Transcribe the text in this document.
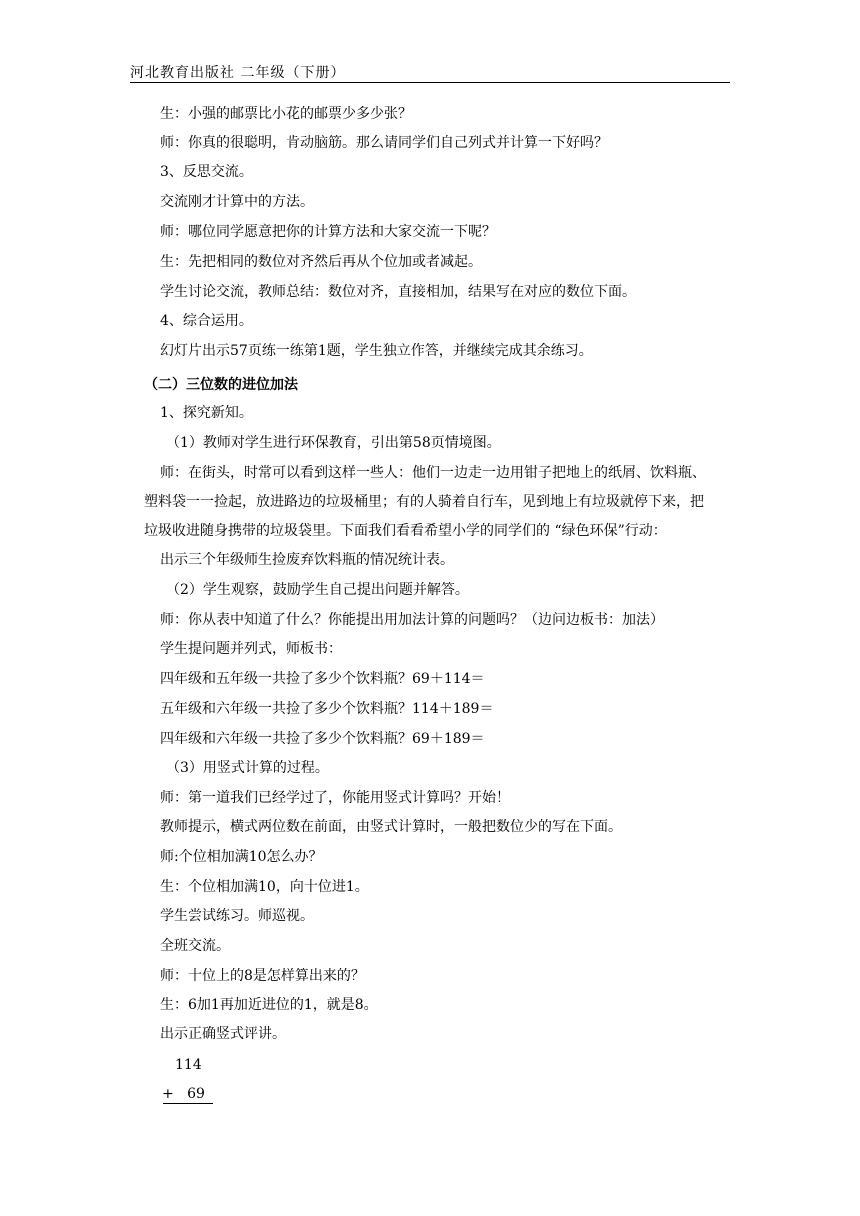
河北教育出版社 二年级（下册）
生：小强的邮票比小花的邮票少多少张？
师：你真的很聪明，肯动脑筋。那么请同学们自己列式并计算一下好吗？
3、反思交流。
交流刚才计算中的方法。
师：哪位同学愿意把你的计算方法和大家交流一下呢？
生：先把相同的数位对齐然后再从个位加或者减起。
学生讨论交流，教师总结：数位对齐，直接相加，结果写在对应的数位下面。
4、综合运用。
幻灯片出示57页练一练第1题，学生独立作答，并继续完成其余练习。
（二）三位数的进位加法
1、探究新知。
（1）教师对学生进行环保教育，引出第58页情境图。
师：在街头，时常可以看到这样一些人：他们一边走一边用钳子把地上的纸屑、饮料瓶、
塑料袋一一捡起，放进路边的垃圾桶里；有的人骑着自行车，见到地上有垃圾就停下来，把
垃圾收进随身携带的垃圾袋里。下面我们看看希望小学的同学们的 “绿色环保”行动：
出示三个年级师生捡废弃饮料瓶的情况统计表。
（2）学生观察，鼓励学生自己提出问题并解答。
师：你从表中知道了什么？你能提出用加法计算的问题吗？（边问边板书：加法）
学生提问题并列式，师板书：
四年级和五年级一共捡了多少个饮料瓶？69＋114＝
五年级和六年级一共捡了多少个饮料瓶？114＋189＝
四年级和六年级一共捡了多少个饮料瓶？69＋189＝
（3）用竖式计算的过程。
师：第一道我们已经学过了，你能用竖式计算吗？开始！
教师提示，横式两位数在前面，由竖式计算时，一般把数位少的写在下面。
师:个位相加满10怎么办？
生：个位相加满10，向十位进1。
学生尝试练习。师巡视。
全班交流。
师：十位上的8是怎样算出来的？
生：6加1再加近进位的1，就是8。
出示正确竖式评讲。
114
+   69
